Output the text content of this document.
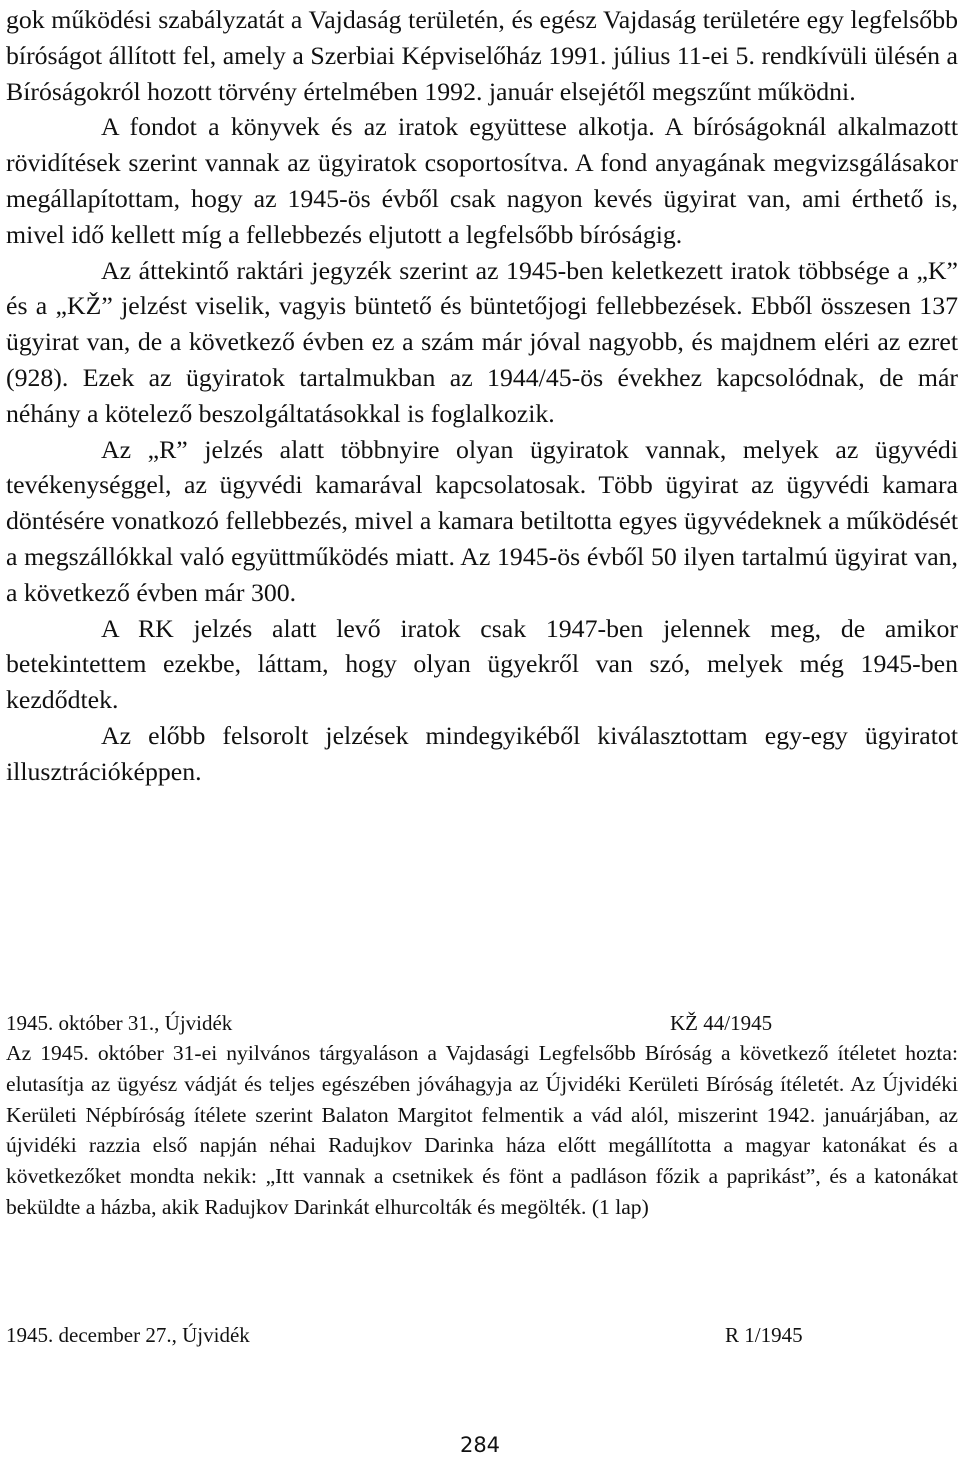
gok működési szabályzatát a Vajdaság területén, és egész Vajdaság területére egy legfelsőbb bíróságot állított fel, amely a Szerbiai Képviselőház 1991. július 11-ei 5. rendkívüli ülésén a Bíróságokról hozott törvény értelmében 1992. január elsejétől megszűnt működni.

A fondot a könyvek és az iratok együttese alkotja. A bíróságoknál alkalmazott rövidítések szerint vannak az ügyiratok csoportosítva. A fond anyagának megvizsgálásakor megállapítottam, hogy az 1945-ös évből csak nagyon kevés ügyirat van, ami érthető is, mivel idő kellett míg a fellebbezés eljutott a legfelsőbb bíróságig.

Az áttekintő raktári jegyzék szerint az 1945-ben keletkezett iratok többsége a „K” és a „KŽ” jelzést viselik, vagyis büntető és büntetőjogi fellebbezések. Ebből összesen 137 ügyirat van, de a következő évben ez a szám már jóval nagyobb, és majdnem eléri az ezret (928). Ezek az ügyiratok tartalmukban az 1944/45-ös évekhez kapcsolódnak, de már néhány a kötelező beszolgáltatásokkal is foglalkozik.

Az „R” jelzés alatt többnyire olyan ügyiratok vannak, melyek az ügyvédi tevékenységgel, az ügyvédi kamarával kapcsolatosak. Több ügyirat az ügyvédi kamara döntésére vonatkozó fellebbezés, mivel a kamara betiltotta egyes ügyvédeknek a működését a megszállókkal való együttműködés miatt. Az 1945-ös évből 50 ilyen tartalmú ügyirat van, a következő évben már 300.

A RK jelzés alatt levő iratok csak 1947-ben jelennek meg, de amikor betekintettem ezekbe, láttam, hogy olyan ügyekről van szó, melyek még 1945-ben kezdődtek.

Az előbb felsorolt jelzések mindegyikéből kiválasztottam egy-egy ügyiratot illusztrációképpen.

1945. október 31., Újvidék	KŽ 44/1945

Az 1945. október 31-ei nyilvános tárgyaláson a Vajdasági Legfelsőbb Bíróság a következő ítéletet hozta: elutasítja az ügyész vádját és teljes egészében jóváhagyja az Újvidéki Kerületi Bíróság ítéletét. Az Újvidéki Kerületi Népbíróság ítélete szerint Balaton Margitot felmentik a vád alól, miszerint 1942. januárjában, az újvidéki razzia első napján néhai Radujkov Darinka háza előtt megállította a magyar katonákat és a következőket mondta nekik: „Itt vannak a csetnikek és fönt a padláson főzik a paprikást”, és a katonákat beküldte a házba, akik Radujkov Darinkát elhurcolták és megölték. (1 lap)

1945. december 27., Újvidék	R 1/1945
284
